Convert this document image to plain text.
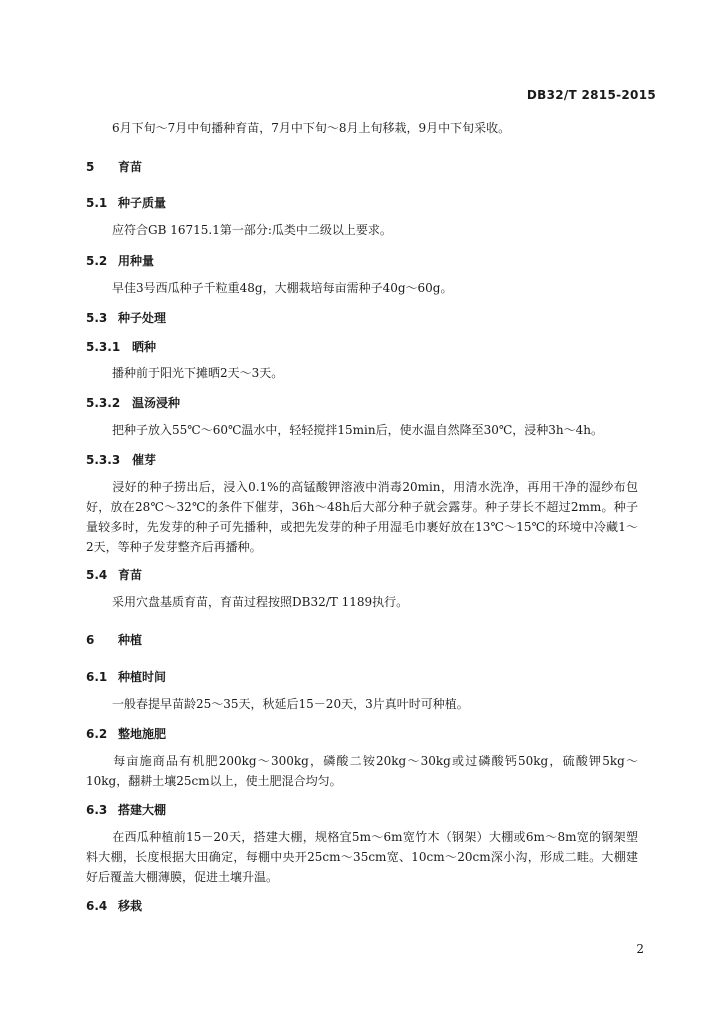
DB32/T 2815-2015
6月下旬～7月中旬播种育苗，7月中下旬～8月上旬移栽，9月中下旬采收。
5 育苗
5.1 种子质量
应符合GB 16715.1第一部分:瓜类中二级以上要求。
5.2 用种量
早佳3号西瓜种子千粒重48g，大棚栽培每亩需种子40g～60g。
5.3 种子处理
5.3.1 晒种
播种前于阳光下摊晒2天～3天。
5.3.2 温汤浸种
把种子放入55℃～60℃温水中，轻轻搅拌15min后，使水温自然降至30℃，浸种3h～4h。
5.3.3 催芽
浸好的种子捞出后，浸入0.1%的高锰酸钾溶液中消毒20min，用清水洗净，再用干净的湿纱布包好，放在28℃～32℃的条件下催芽，36h～48h后大部分种子就会露芽。种子芽长不超过2mm。种子量较多时，先发芽的种子可先播种，或把先发芽的种子用湿毛巾裹好放在13℃～15℃的环境中冷藏1～2天，等种子发芽整齐后再播种。
5.4 育苗
采用穴盘基质育苗，育苗过程按照DB32/T 1189执行。
6 种植
6.1 种植时间
一般春提早苗龄25～35天，秋延后15－20天，3片真叶时可种植。
6.2 整地施肥
每亩施商品有机肥200kg～300kg，磷酸二铵20kg～30kg或过磷酸钙50kg，硫酸钾5kg～10kg，翻耕土壤25cm以上，使土肥混合均匀。
6.3 搭建大棚
在西瓜种植前15－20天，搭建大棚，规格宜5m～6m宽竹木（钢架）大棚或6m～8m宽的钢架塑料大棚，长度根据大田确定，每棚中央开25cm～35cm宽、10cm～20cm深小沟，形成二畦。大棚建好后覆盖大棚薄膜，促进土壤升温。
6.4 移栽
2
